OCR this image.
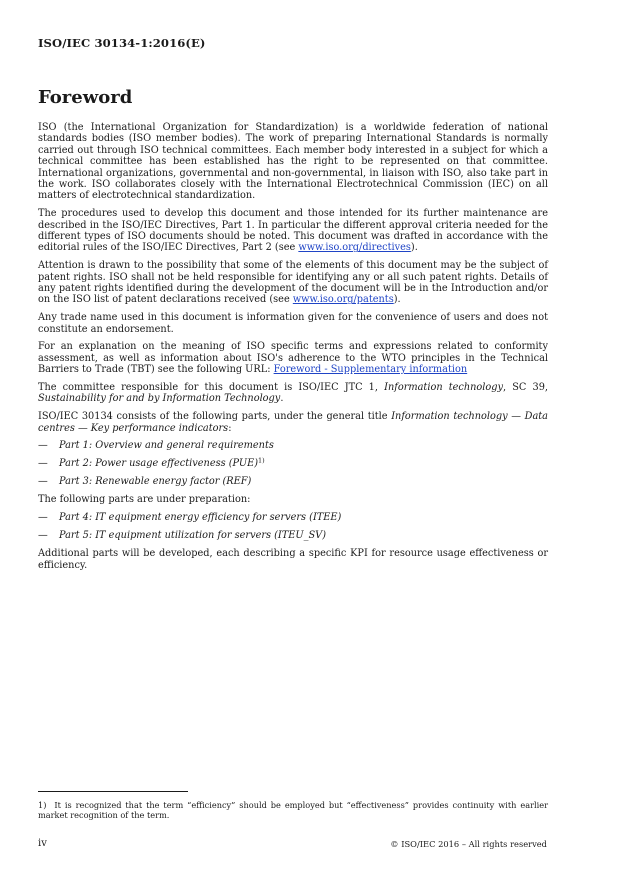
ISO/IEC 30134-1:2016(E)
Foreword

ISO (the International Organization for Standardization) is a worldwide federation of national standards bodies (ISO member bodies). The work of preparing International Standards is normally carried out through ISO technical committees. Each member body interested in a subject for which a technical committee has been established has the right to be represented on that committee. International organizations, governmental and non-governmental, in liaison with ISO, also take part in the work. ISO collaborates closely with the International Electrotechnical Commission (IEC) on all matters of electrotechnical standardization.

The procedures used to develop this document and those intended for its further maintenance are described in the ISO/IEC Directives, Part 1. In particular the different approval criteria needed for the different types of ISO documents should be noted. This document was drafted in accordance with the editorial rules of the ISO/IEC Directives, Part 2 (see www.iso.org/directives).

Attention is drawn to the possibility that some of the elements of this document may be the subject of patent rights. ISO shall not be held responsible for identifying any or all such patent rights. Details of any patent rights identified during the development of the document will be in the Introduction and/or on the ISO list of patent declarations received (see www.iso.org/patents).

Any trade name used in this document is information given for the convenience of users and does not constitute an endorsement.

For an explanation on the meaning of ISO specific terms and expressions related to conformity assessment, as well as information about ISO's adherence to the WTO principles in the Technical Barriers to Trade (TBT) see the following URL: Foreword - Supplementary information

The committee responsible for this document is ISO/IEC JTC 1, Information technology, SC 39, Sustainability for and by Information Technology.

ISO/IEC 30134 consists of the following parts, under the general title Information technology — Data centres — Key performance indicators:

—	Part 1: Overview and general requirements
—	Part 2: Power usage effectiveness (PUE)$^{1)}$
—	Part 3: Renewable energy factor (REF)

The following parts are under preparation:

—	Part 4: IT equipment energy efficiency for servers (ITEE)
—	Part 5: IT equipment utilization for servers (ITEU_SV)

Additional parts will be developed, each describing a specific KPI for resource usage effectiveness or efficiency.

1) It is recognized that the term “efficiency” should be employed but “effectiveness” provides continuity with earlier market recognition of the term.
iv	© ISO/IEC 2016 – All rights reserved
